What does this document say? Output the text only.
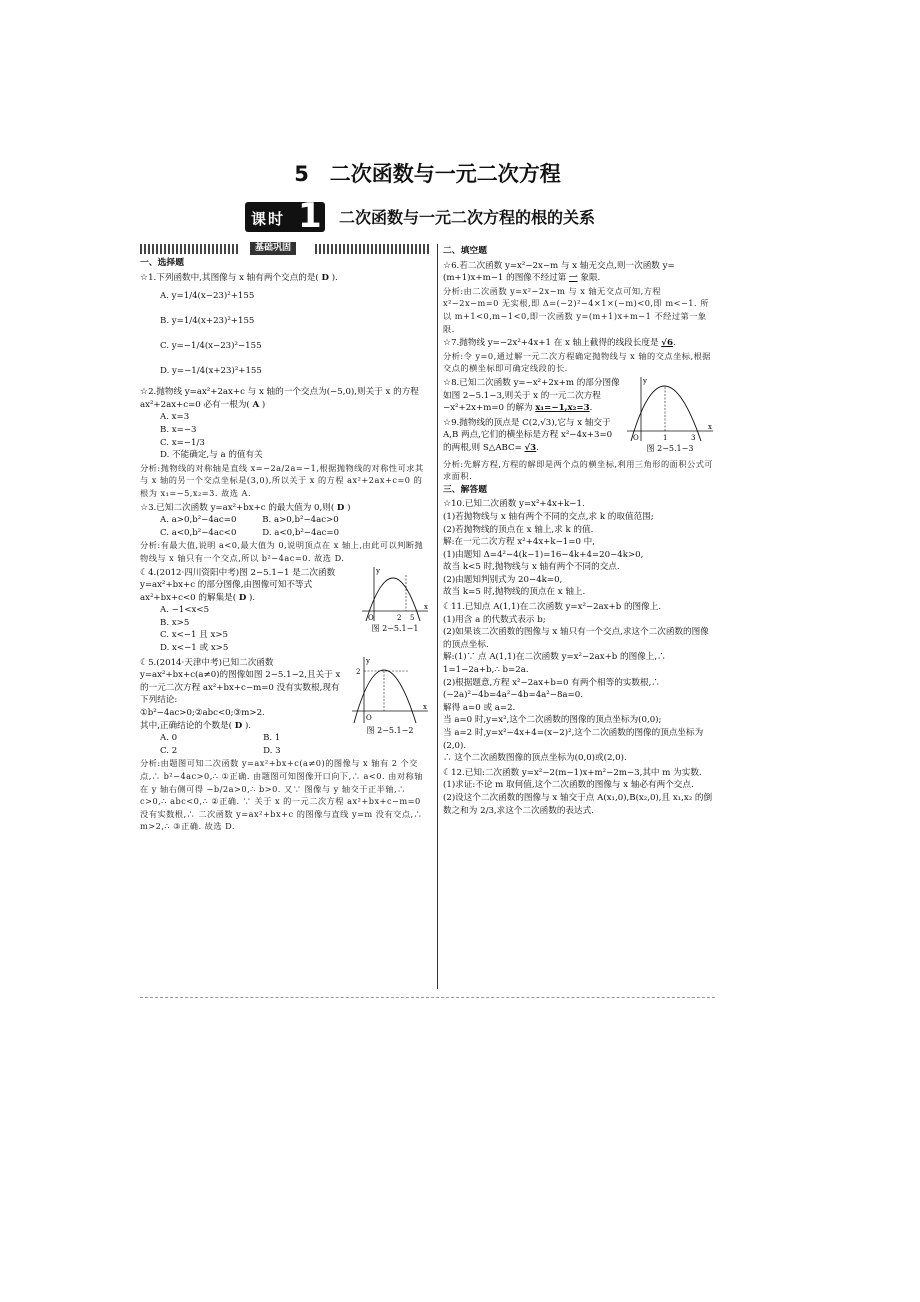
5　二次函数与一元二次方程
课时 1 二次函数与一元二次方程的根的关系
基础巩固
一、选择题
☆1.下列函数中,其图像与 x 轴有两个交点的是( D ).
A. y=1/4(x−23)²+155
B. y=1/4(x+23)²+155
C. y=−1/4(x−23)²−155
D. y=−1/4(x+23)²+155
☆2.抛物线 y=ax²+2ax+c 与 x 轴的一个交点为(−5,0),则关于 x 的方程 ax²+2ax+c=0 必有一根为( A )
A. x=3
B. x=−3
C. x=−1/3
D. 不能确定,与 a 的值有关
分析:抛物线的对称轴是直线 x=−2a/2a=−1,根据抛物线的对称性可求其与 x 轴的另一个交点坐标是(3,0),所以关于 x 的方程 ax²+2ax+c=0 的根为 x₁=−5,x₂=3. 故选 A.
☆3.已知二次函数 y=ax²+bx+c 的最大值为 0,则( D )
A. a>0,b²−4ac=0　　　B. a>0,b²−4ac>0
C. a<0,b²−4ac<0　　　D. a<0,b²−4ac=0
分析:有最大值,说明 a<0,最大值为 0,说明顶点在 x 轴上,由此可以判断抛物线与 x 轴只有一个交点,所以 b²−4ac=0. 故选 D.
O	2 5
x
y
图 2−5.1−1
☾4.(2012·四川资阳中考)图 2−5.1−1 是二次函数 y=ax²+bx+c 的部分图像,由图像可知不等式 ax²+bx+c<0 的解集是( D ).
A. −1<x<5
B. x>5
C. x<−1 且 x>5
D. x<−1 或 x>5
2
O
x
y
图 2−5.1−2
☾5.(2014·天津中考)已知二次函数 y=ax²+bx+c(a≠0)的图像如图 2−5.1−2,且关于 x 的一元二次方程 ax²+bx+c−m=0 没有实数根,现有下列结论:
①b²−4ac>0;②abc<0;③m>2.
其中,正确结论的个数是( D ).
A. 0　　　　　　　　　　B. 1
C. 2　　　　　　　　　　D. 3
分析:由题图可知二次函数 y=ax²+bx+c(a≠0)的图像与 x 轴有 2 个交点,∴ b²−4ac>0,∴ ①正确. 由题图可知图像开口向下,∴ a<0. 由对称轴在 y 轴右侧可得 −b/2a>0,∴ b>0. 又∵ 图像与 y 轴交于正半轴,∴ c>0,∴ abc<0,∴ ②正确. ∵ 关于 x 的一元二次方程 ax²+bx+c−m=0 没有实数根,∴ 二次函数 y=ax²+bx+c 的图像与直线 y=m 没有交点,∴ m>2,∴ ③正确. 故选 D.
二、填空题
☆6.若二次函数 y=x²−2x−m 与 x 轴无交点,则一次函数 y=(m+1)x+m−1 的图像不经过第 一 象限.
分析:由二次函数 y=x²−2x−m 与 x 轴无交点可知,方程 x²−2x−m=0 无实根,即 Δ=(−2)²−4×1×(−m)<0,即 m<−1. 所以 m+1<0,m−1<0,即一次函数 y=(m+1)x+m−1 不经过第一象限.
☆7.抛物线 y=−2x²+4x+1 在 x 轴上截得的线段长度是 √6.
分析:令 y=0,通过解一元二次方程确定抛物线与 x 轴的交点坐标,根据交点的横坐标即可确定线段的长.
O	1	3
x
y
图 2−5.1−3
☆8.已知二次函数 y=−x²+2x+m 的部分图像如图 2−5.1−3,则关于 x 的一元二次方程 −x²+2x+m=0 的解为 x₁=−1,x₂=3.
☆9.抛物线的顶点是 C(2,√3),它与 x 轴交于 A,B 两点,它们的横坐标是方程 x²−4x+3=0 的两根,则 S△ABC= √3.
分析:先解方程,方程的解即是两个点的横坐标,利用三角形的面积公式可求面积.
三、解答题
☆10.已知二次函数 y=x²+4x+k−1.
(1)若抛物线与 x 轴有两个不同的交点,求 k 的取值范围;
(2)若抛物线的顶点在 x 轴上,求 k 的值.
解:在一元二次方程 x²+4x+k−1=0 中,
(1)由题知 Δ=4²−4(k−1)=16−4k+4=20−4k>0,
故当 k<5 时,抛物线与 x 轴有两个不同的交点.
(2)由题知判别式为 20−4k=0,
故当 k=5 时,抛物线的顶点在 x 轴上.
☾11.已知点 A(1,1)在二次函数 y=x²−2ax+b 的图像上.
(1)用含 a 的代数式表示 b;
(2)如果该二次函数的图像与 x 轴只有一个交点,求这个二次函数的图像的顶点坐标.
解:(1)∵ 点 A(1,1)在二次函数 y=x²−2ax+b 的图像上,∴ 1=1−2a+b,∴ b=2a.
(2)根据题意,方程 x²−2ax+b=0 有两个相等的实数根,∴ (−2a)²−4b=4a²−4b=4a²−8a=0.
解得 a=0 或 a=2.
当 a=0 时,y=x²,这个二次函数的图像的顶点坐标为(0,0);
当 a=2 时,y=x²−4x+4=(x−2)²,这个二次函数的图像的顶点坐标为(2,0).
∴ 这个二次函数图像的顶点坐标为(0,0)或(2,0).
☾12.已知:二次函数 y=x²−2(m−1)x+m²−2m−3,其中 m 为实数.
(1)求证:不论 m 取何值,这个二次函数的图像与 x 轴必有两个交点.
(2)设这个二次函数的图像与 x 轴交于点 A(x₁,0),B(x₂,0),且 x₁,x₂ 的倒数之和为 2/3,求这个二次函数的表达式.
